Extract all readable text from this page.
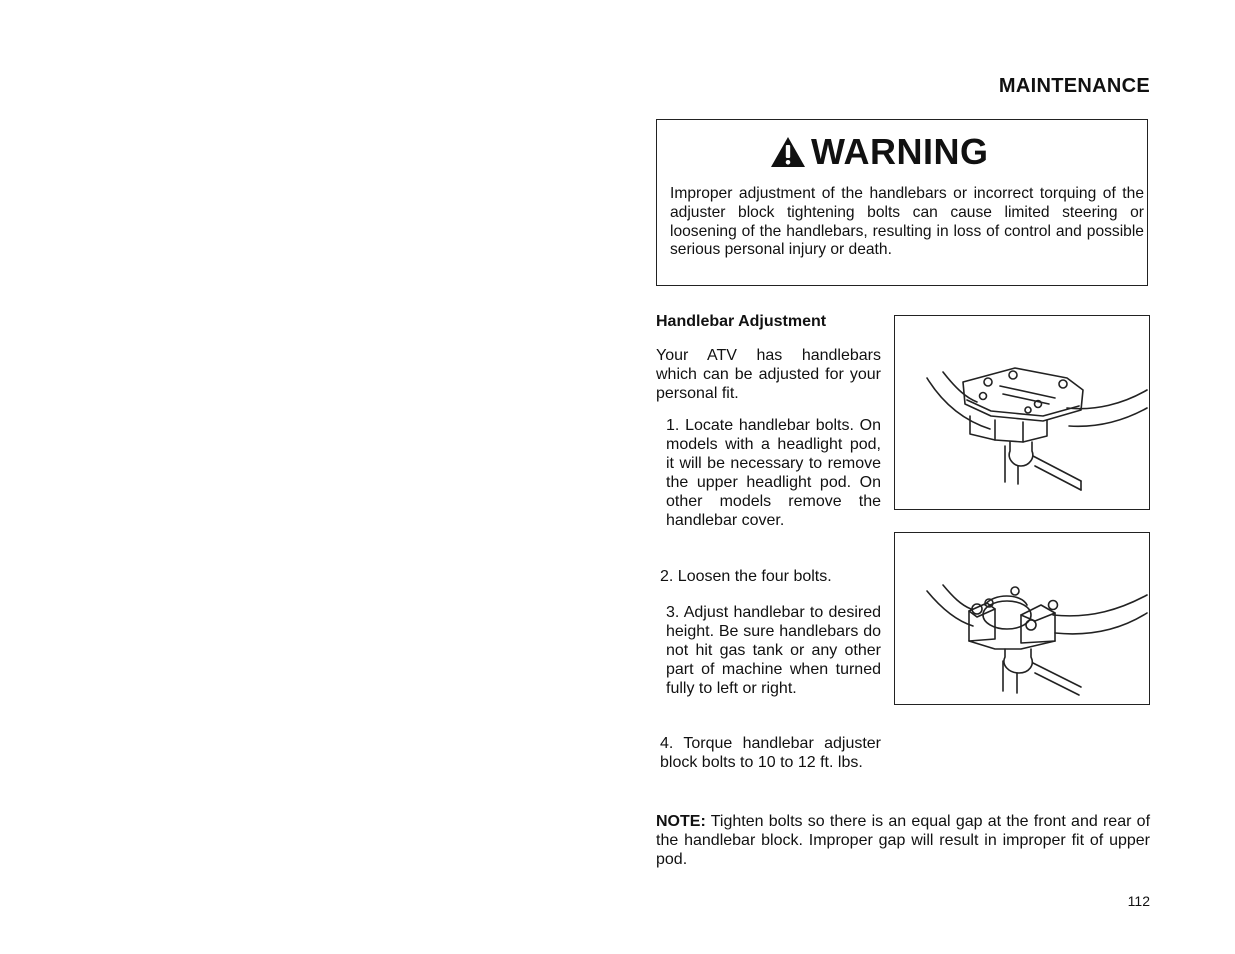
MAINTENANCE
WARNING
Improper adjustment of the handlebars or incorrect torquing of the adjuster block tightening bolts can cause limited steering or loosening of the handlebars, resulting in loss of control and possible serious personal injury or death.
Handlebar Adjustment
Your ATV has handlebars which can be adjusted for your personal fit.
1. Locate handlebar bolts. On models with a headlight pod, it will be necessary to remove the upper headlight pod. On other models remove the handlebar cover.
2. Loosen the four bolts.
3. Adjust handlebar to desired height. Be sure handlebars do not hit gas tank or any other part of machine when turned fully to left or right.
4. Torque handlebar adjuster block bolts to 10 to 12 ft. lbs.
NOTE: Tighten bolts so there is an equal gap at the front and rear of the handlebar block. Improper gap will result in improper fit of upper pod.
112
